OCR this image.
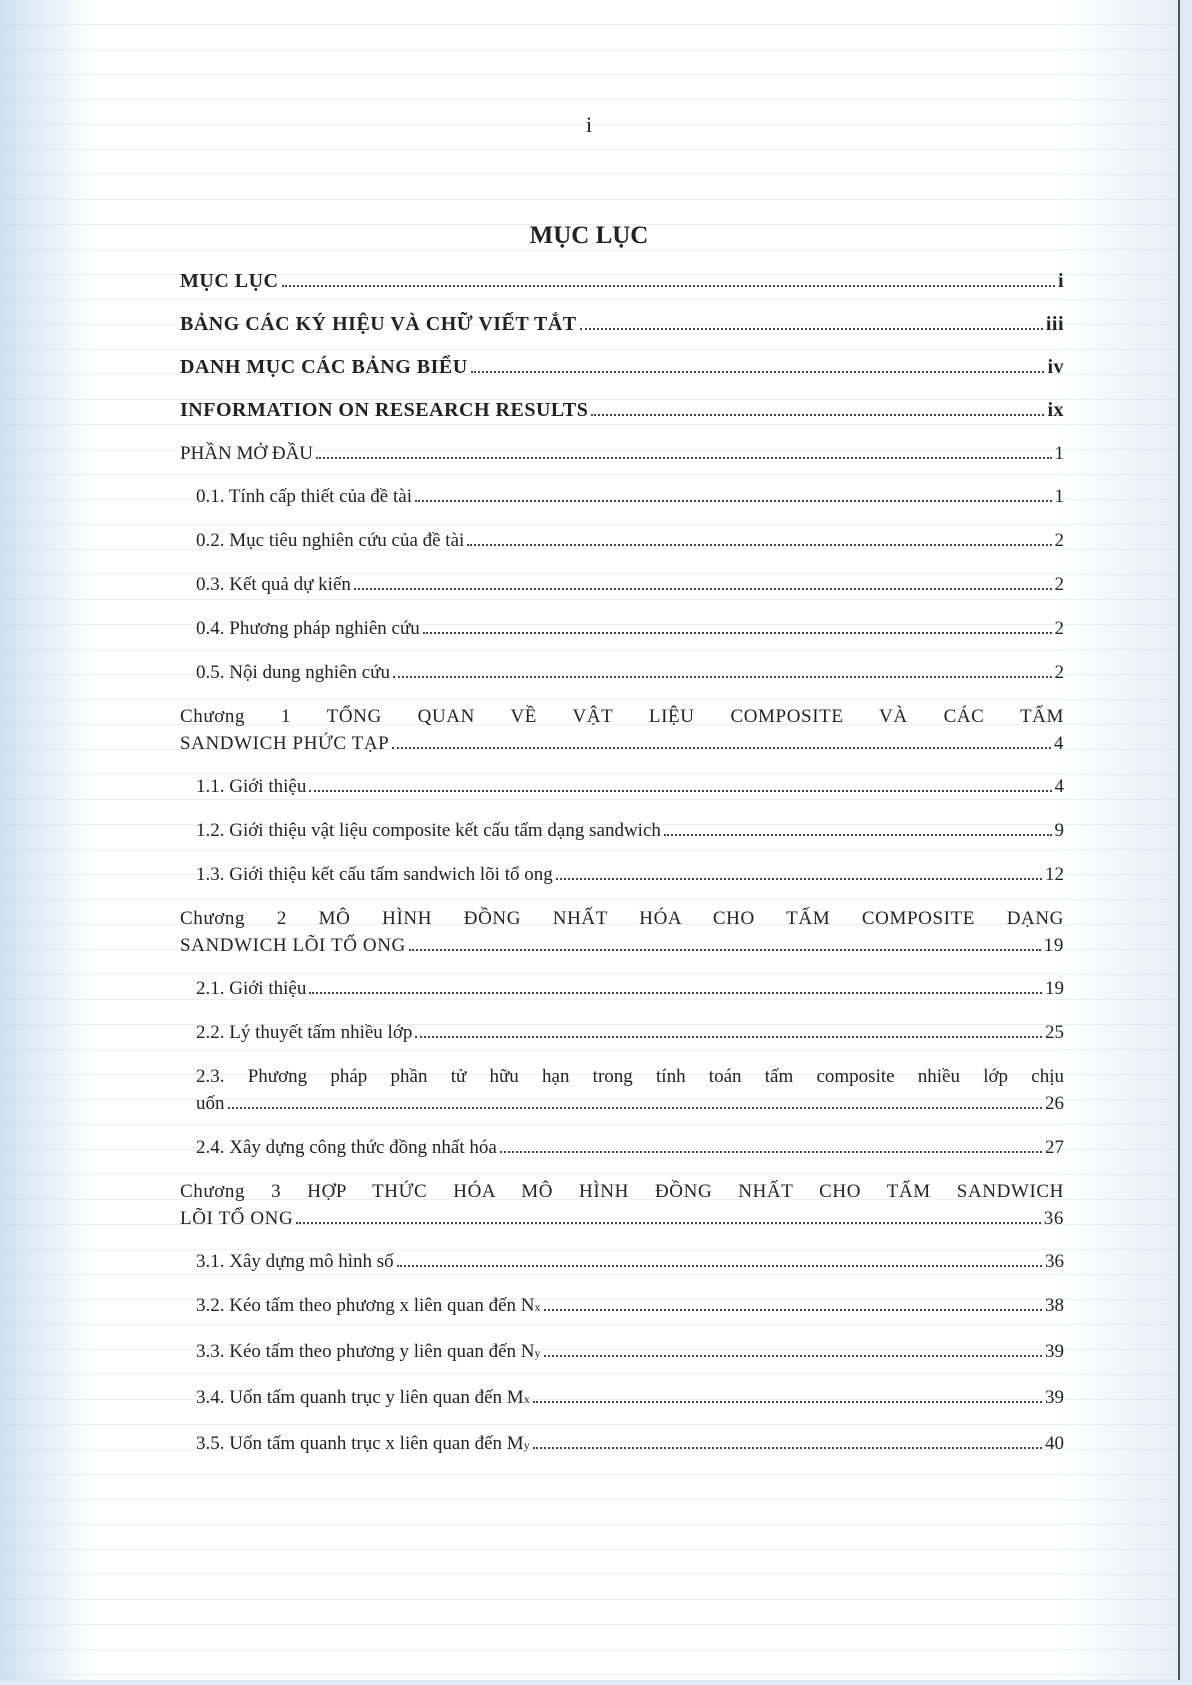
i
MỤC LỤC
MỤC LỤC	i
BẢNG CÁC KÝ HIỆU VÀ CHỮ VIẾT TẮT	iii
DANH MỤC CÁC BẢNG BIỂU	iv
INFORMATION ON RESEARCH RESULTS	ix
PHẦN MỞ ĐẦU	1
0.1. Tính cấp thiết của đề tài	1
0.2. Mục tiêu nghiên cứu của đề tài	2
0.3. Kết quả dự kiến	2
0.4. Phương pháp nghiên cứu	2
0.5. Nội dung nghiên cứu	2
Chương 1 TỔNG QUAN VỀ VẬT LIỆU COMPOSITE VÀ CÁC TẤM
SANDWICH PHỨC TẠP	4
1.1. Giới thiệu	4
1.2. Giới thiệu vật liệu composite kết cấu tấm dạng sandwich	9
1.3. Giới thiệu kết cấu tấm sandwich lõi tổ ong	12
Chương 2 MÔ HÌNH ĐỒNG NHẤT HÓA CHO TẤM COMPOSITE DẠNG
SANDWICH LÕI TỔ ONG	19
2.1. Giới thiệu	19
2.2. Lý thuyết tấm nhiều lớp	25
2.3. Phương pháp phần tử hữu hạn trong tính toán tấm composite nhiều lớp chịu
uốn	26
2.4. Xây dựng công thức đồng nhất hóa	27
Chương 3 HỢP THỨC HÓA MÔ HÌNH ĐỒNG NHẤT CHO TẤM SANDWICH
LÕI TỔ ONG	36
3.1. Xây dựng mô hình số	36
3.2. Kéo tấm theo phương x liên quan đến N x	38
3.3. Kéo tấm theo phương y liên quan đến N y	39
3.4. Uốn tấm quanh trục y liên quan đến M x	39
3.5. Uốn tấm quanh trục x liên quan đến M y	40
